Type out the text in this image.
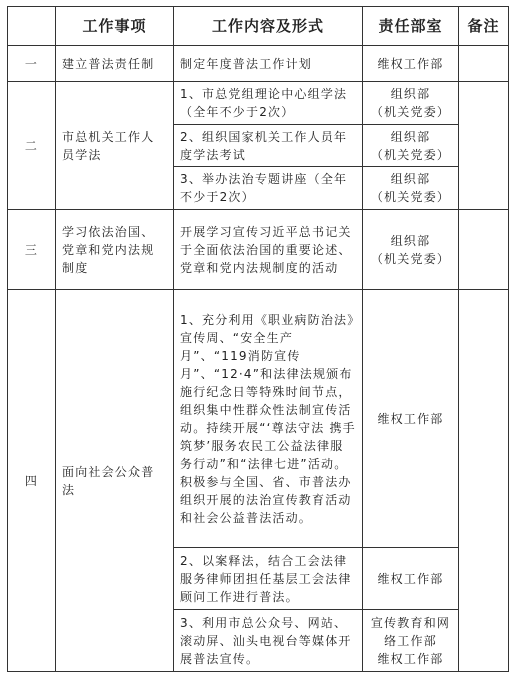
	工作事项	工作内容及形式	责任部室	备注
一	建立普法责任制	制定年度普法工作计划	维权工作部	

二	市总机关工作人员学法	1、市总党组理论中心组学法（全年不少于2次）	组织部
（机关党委）	

		2、组织国家机关工作人员年度学法考试	组织部
（机关党委）	

		3、举办法治专题讲座（全年不少于2次）	组织部
（机关党委）	

三	学习依法治国、党章和党内法规制度	开展学习宣传习近平总书记关于全面依法治国的重要论述、党章和党内法规制度的活动	组织部
（机关党委）	

四	面向社会公众普法	1、充分利用《职业病防治法》宣传周、“安全生产月”、“119消防宣传月”、“12·4”和法律法规颁布施行纪念日等特殊时间节点，组织集中性群众性法制宣传活动。持续开展“‘尊法守法 携手筑梦’服务农民工公益法律服务行动”和“法律七进”活动。积极参与全国、省、市普法办组织开展的法治宣传教育活动和社会公益普法活动。	维权工作部	

		2、以案释法，结合工会法律服务律师团担任基层工会法律顾问工作进行普法。	维权工作部	

		3、利用市总公众号、网站、滚动屏、汕头电视台等媒体开展普法宣传。	宣传教育和网络工作部
维权工作部	
